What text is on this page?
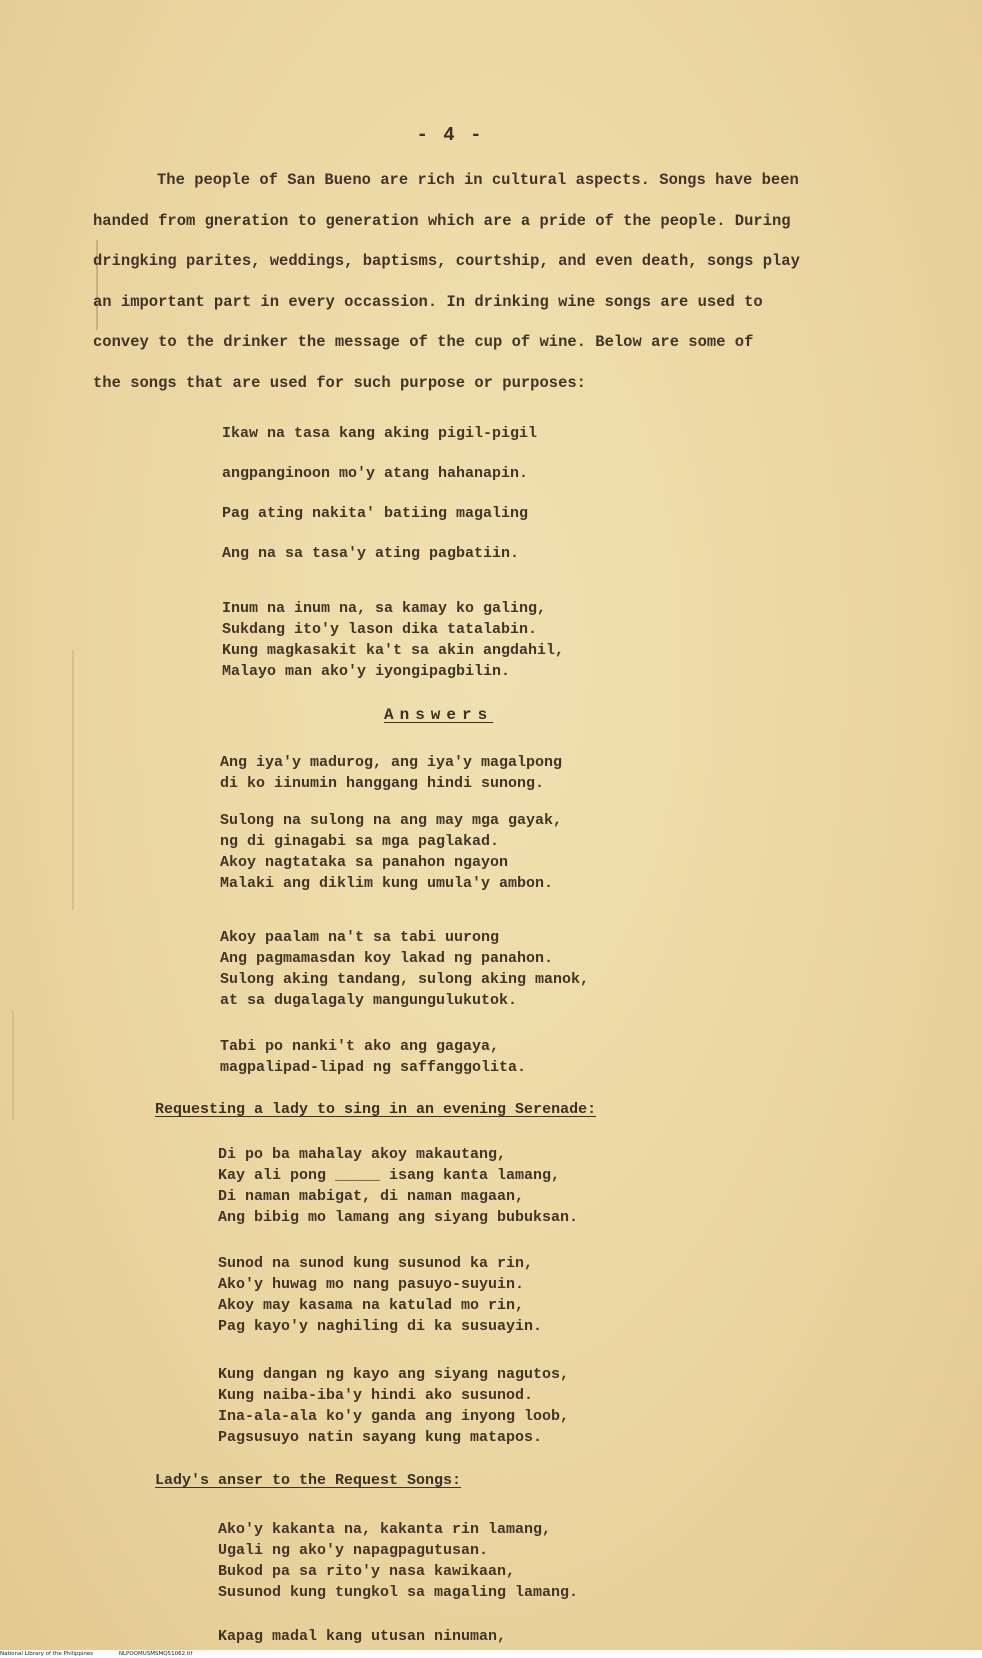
- 4 -
The people of San Bueno are rich in cultural aspects. Songs have been
handed from gneration to generation which are a pride of the people. During
dringking parites, weddings, baptisms, courtship, and even death, songs play
an important part in every occassion. In drinking wine songs are used to
convey to the drinker the message of the cup of wine. Below are some of
the songs that are used for such purpose or purposes:
Ikaw na tasa kang aking pigil-pigil
angpanginoon mo'y atang hahanapin.
Pag ating nakita' batiing magaling
Ang na sa tasa'y ating pagbatiin.
Inum na inum na, sa kamay ko galing,
Sukdang ito'y lason dika tatalabin.
Kung magkasakit ka't sa akin angdahil,
Malayo man ako'y iyongipagbilin.
Answers
Ang iya'y madurog, ang iya'y magalpong
di ko iinumin hanggang hindi sunong.
Sulong na sulong na ang may mga gayak,
ng di ginagabi sa mga paglakad.
Akoy nagtataka sa panahon ngayon
Malaki ang diklim kung umula'y ambon.
Akoy paalam na't sa tabi uurong
Ang pagmamasdan koy lakad ng panahon.
Sulong aking tandang, sulong aking manok,
at sa dugalagaly mangungulukutok.
Tabi po nanki't ako ang gagaya,
magpalipad-lipad ng saffanggolita.
Requesting a lady to sing in an evening Serenade:
Di po ba mahalay akoy makautang,
Kay ali pong _____ isang kanta lamang,
Di naman mabigat, di naman magaan,
Ang bibig mo lamang ang siyang bubuksan.
Sunod na sunod kung susunod ka rin,
Ako'y huwag mo nang pasuyo-suyuin.
Akoy may kasama na katulad mo rin,
Pag kayo'y naghiling di ka susuayin.
Kung dangan ng kayo ang siyang nagutos,
Kung naiba-iba'y hindi ako susunod.
Ina-ala-ala ko'y ganda ang inyong loob,
Pagsusuyo natin sayang kung matapos.
Lady's anser to the Request Songs:
Ako'y kakanta na, kakanta rin lamang,
Ugali ng ako'y napagpagutusan.
Bukod pa sa rito'y nasa kawikaan,
Susunod kung tungkol sa magaling lamang.
Kapag madal kang utusan ninuman,
National Library of the Philippines	NLPOOMUSMSMQ51062.tif
